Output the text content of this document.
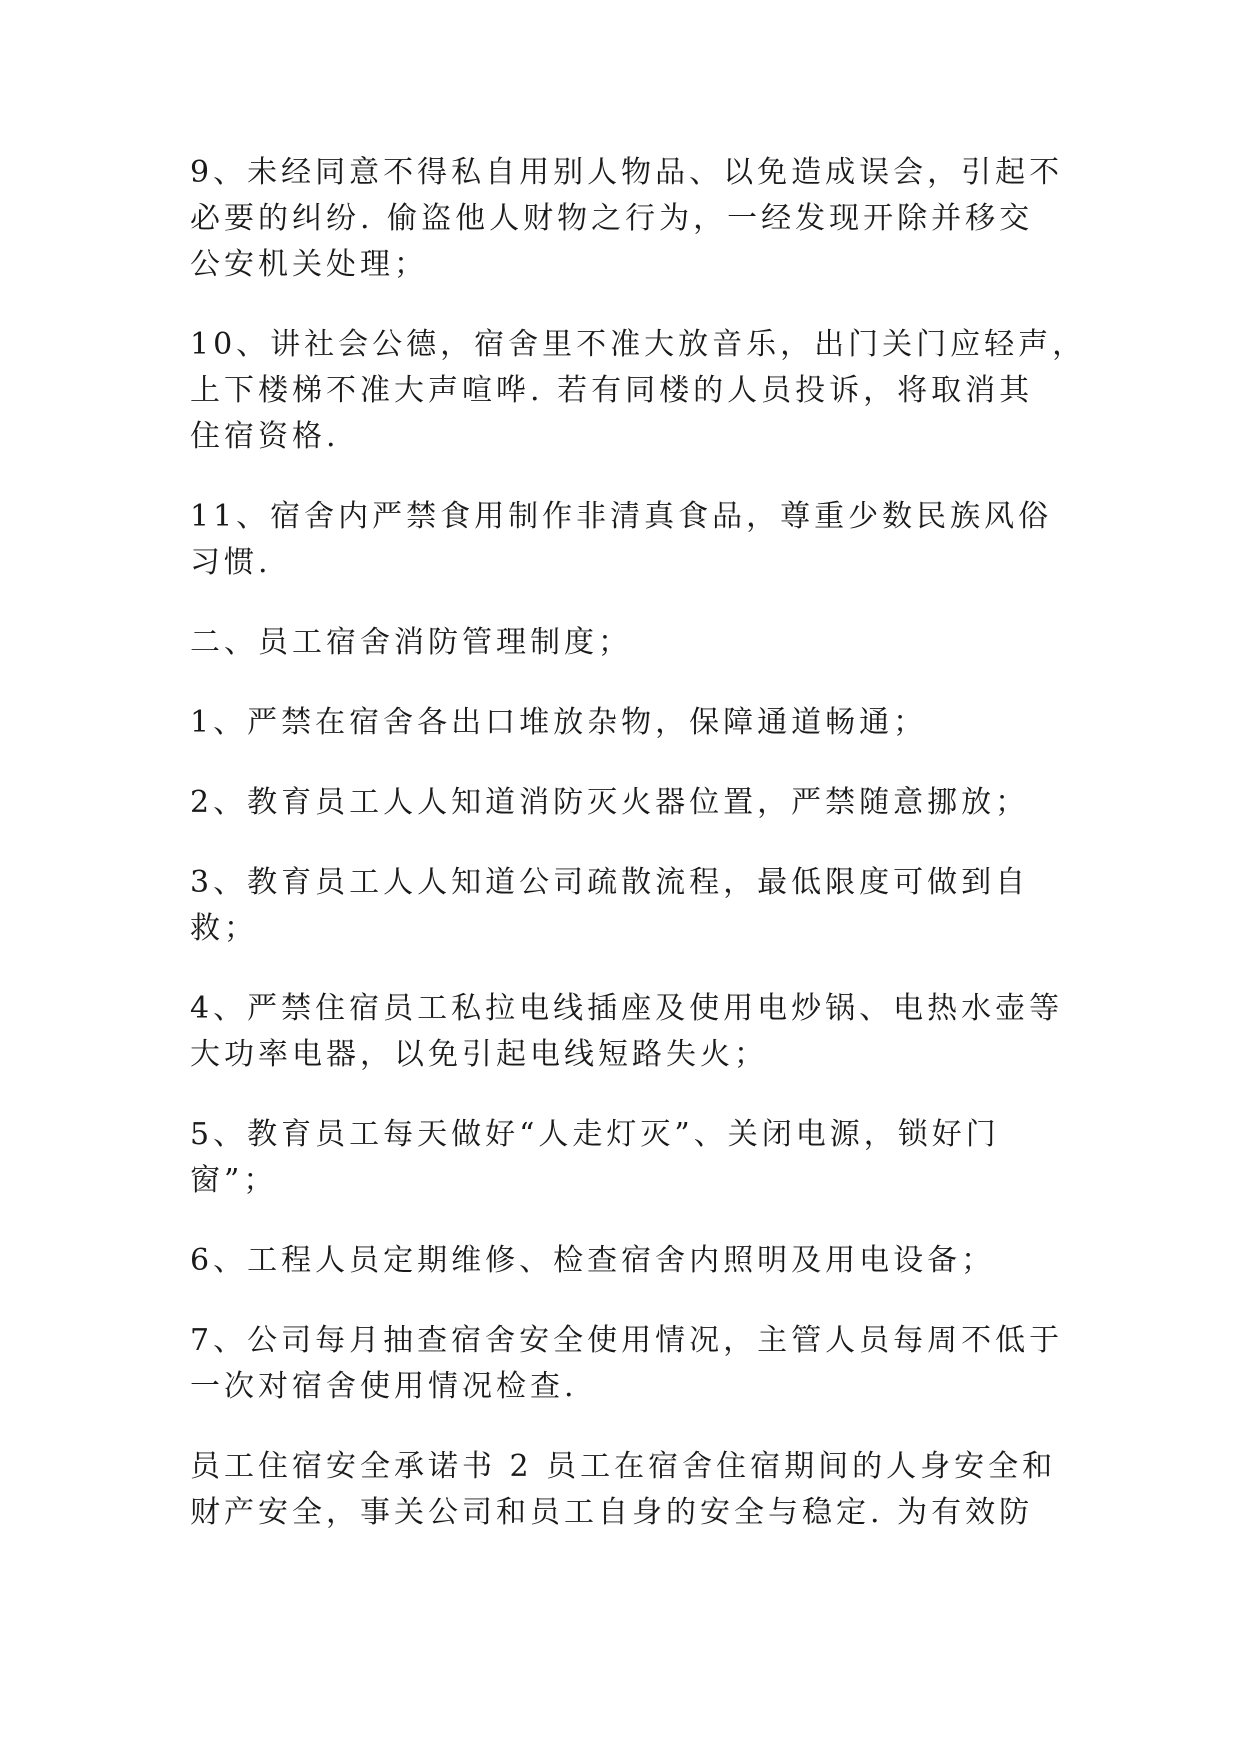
9、未经同意不得私自用别人物品、以免造成误会，引起不
必要的纠纷. 偷盗他人财物之行为，一经发现开除并移交
公安机关处理；

10、讲社会公德，宿舍里不准大放音乐，出门关门应轻声，
上下楼梯不准大声喧哗. 若有同楼的人员投诉，将取消其
住宿资格.

11、宿舍内严禁食用制作非清真食品，尊重少数民族风俗
习惯.

二、员工宿舍消防管理制度；

1、严禁在宿舍各出口堆放杂物，保障通道畅通；

2、教育员工人人知道消防灭火器位置，严禁随意挪放；

3、教育员工人人知道公司疏散流程，最低限度可做到自
救；

4、严禁住宿员工私拉电线插座及使用电炒锅、电热水壶等
大功率电器，以免引起电线短路失火；

5、教育员工每天做好“人走灯灭”、关闭电源，锁好门
窗”；

6、工程人员定期维修、检查宿舍内照明及用电设备；

7、公司每月抽查宿舍安全使用情况，主管人员每周不低于
一次对宿舍使用情况检查.

员工住宿安全承诺书 2 员工在宿舍住宿期间的人身安全和
财产安全，事关公司和员工自身的安全与稳定. 为有效防
